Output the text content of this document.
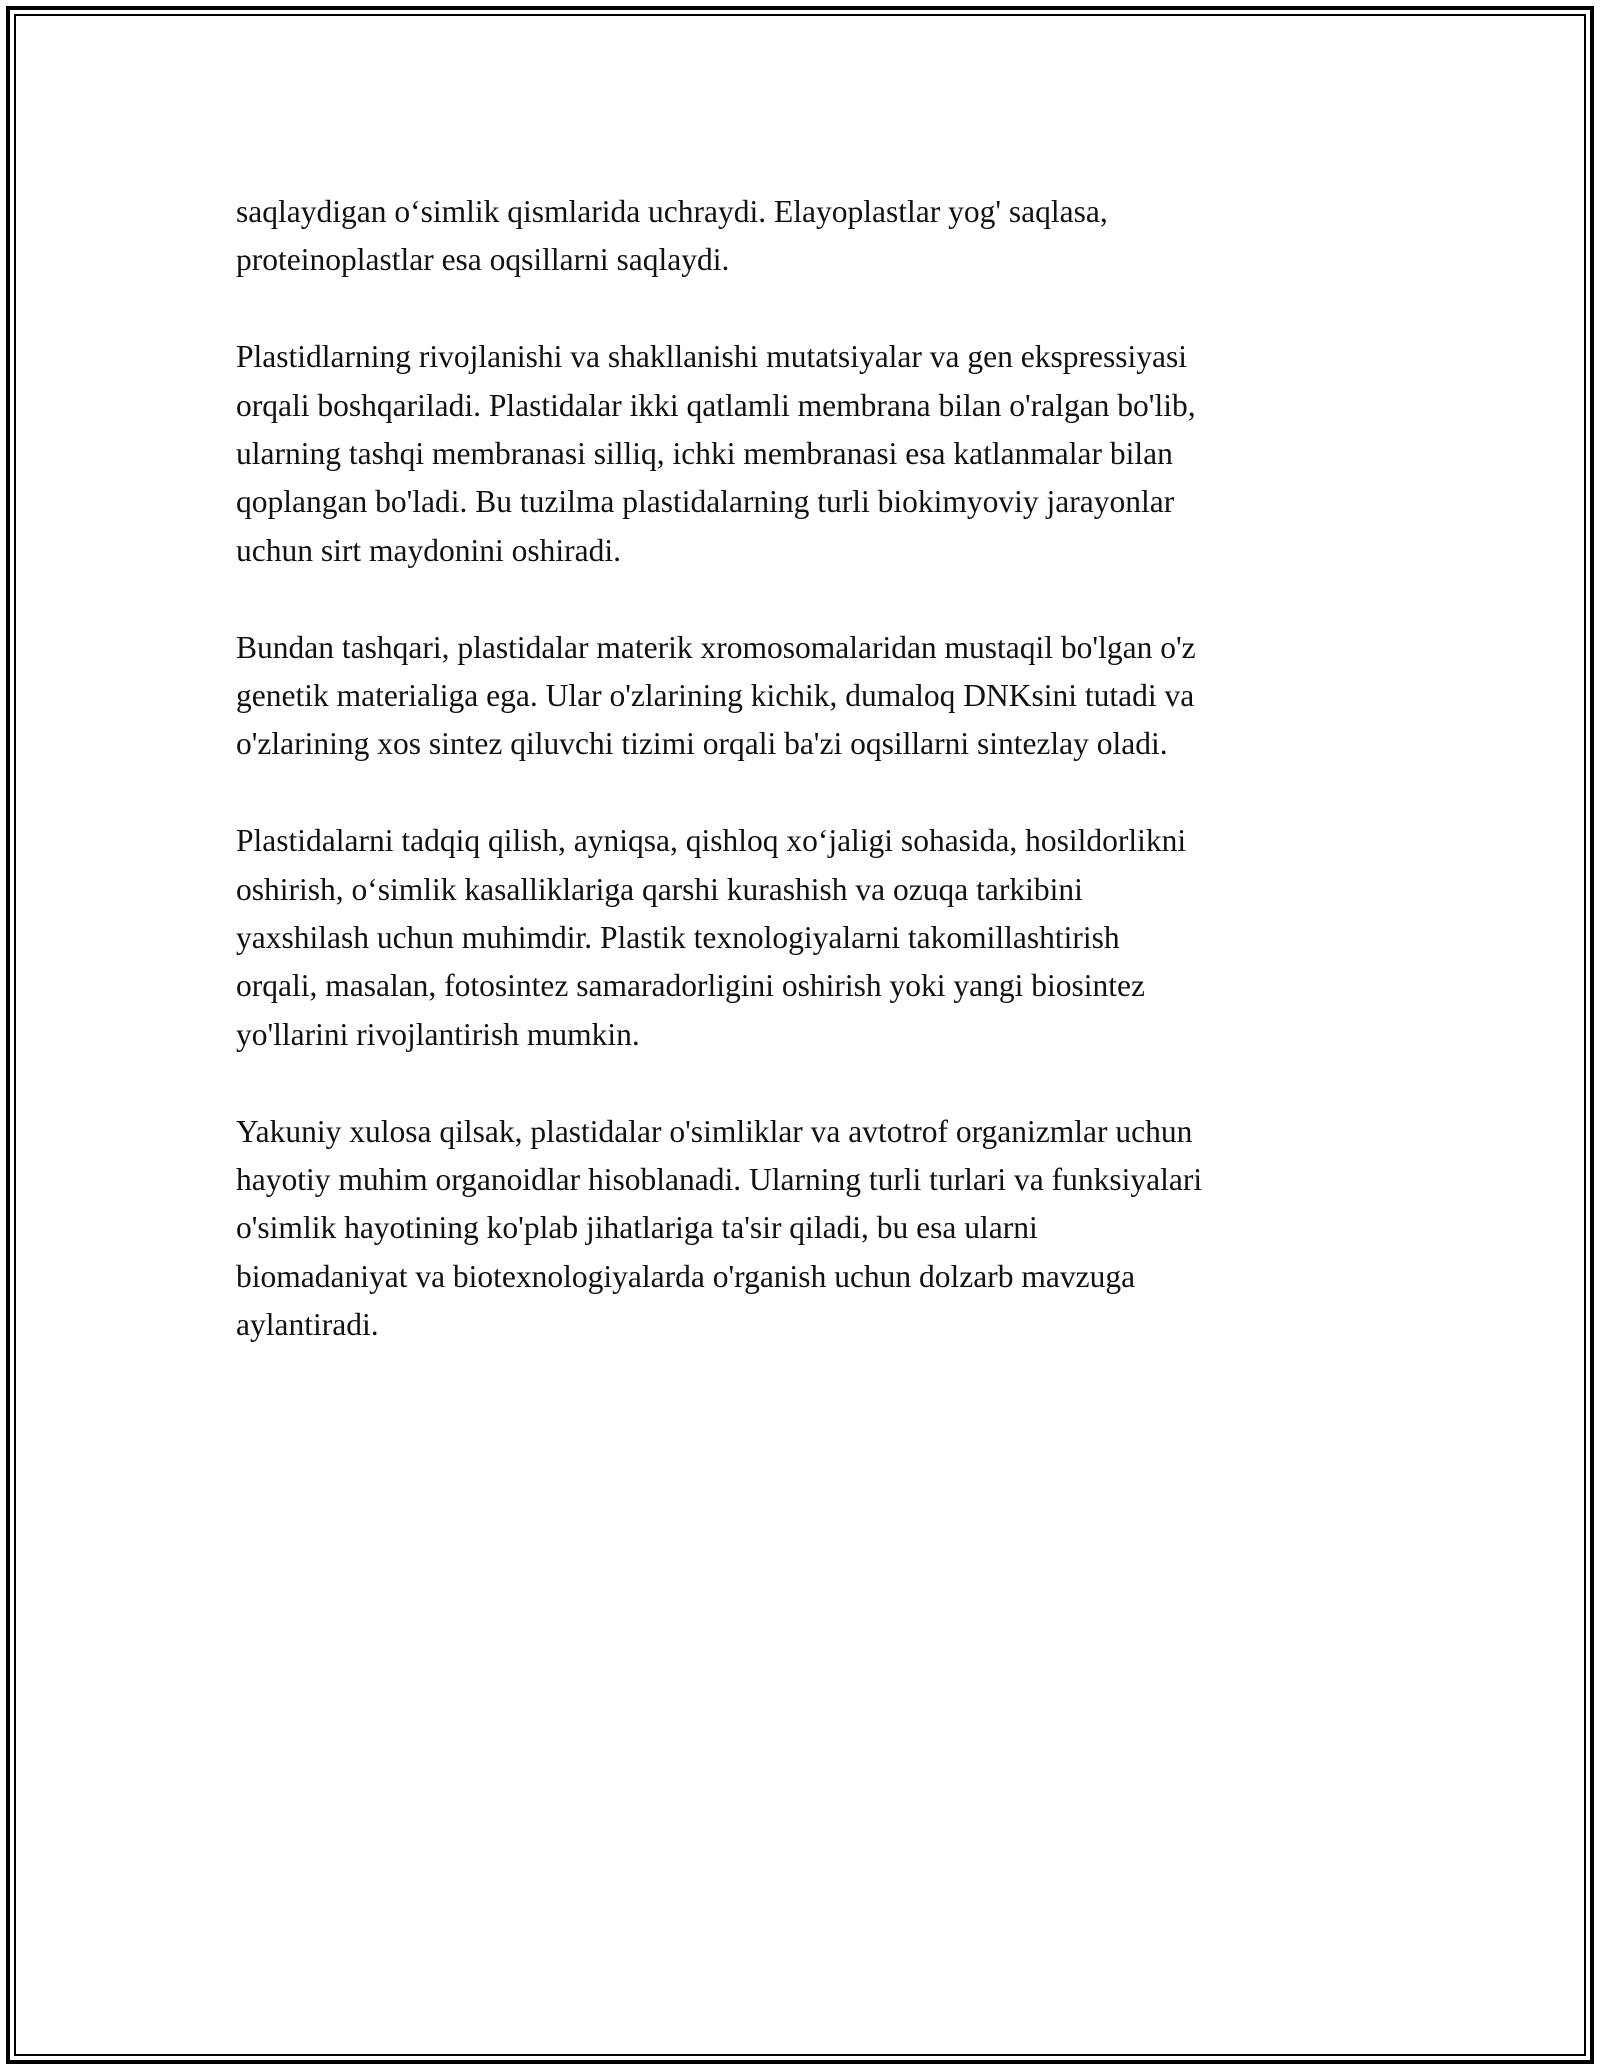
saqlaydigan o‘simlik qismlarida uchraydi. Elayoplastlar yog' saqlasa,
proteinoplastlar esa oqsillarni saqlaydi.

Plastidlarning rivojlanishi va shakllanishi mutatsiyalar va gen ekspressiyasi
orqali boshqariladi. Plastidalar ikki qatlamli membrana bilan o'ralgan bo'lib,
ularning tashqi membranasi silliq, ichki membranasi esa katlanmalar bilan
qoplangan bo'ladi. Bu tuzilma plastidalarning turli biokimyoviy jarayonlar
uchun sirt maydonini oshiradi.

Bundan tashqari, plastidalar materik xromosomalaridan mustaqil bo'lgan o'z
genetik materialiga ega. Ular o'zlarining kichik, dumaloq DNKsini tutadi va
o'zlarining xos sintez qiluvchi tizimi orqali ba'zi oqsillarni sintezlay oladi.

Plastidalarni tadqiq qilish, ayniqsa, qishloq xo‘jaligi sohasida, hosildorlikni
oshirish, o‘simlik kasalliklariga qarshi kurashish va ozuqa tarkibini
yaxshilash uchun muhimdir. Plastik texnologiyalarni takomillashtirish
orqali, masalan, fotosintez samaradorligini oshirish yoki yangi biosintez
yo'llarini rivojlantirish mumkin.

Yakuniy xulosa qilsak, plastidalar o'simliklar va avtotrof organizmlar uchun
hayotiy muhim organoidlar hisoblanadi. Ularning turli turlari va funksiyalari
o'simlik hayotining ko'plab jihatlariga ta'sir qiladi, bu esa ularni
biomadaniyat va biotexnologiyalarda o'rganish uchun dolzarb mavzuga
aylantiradi.
